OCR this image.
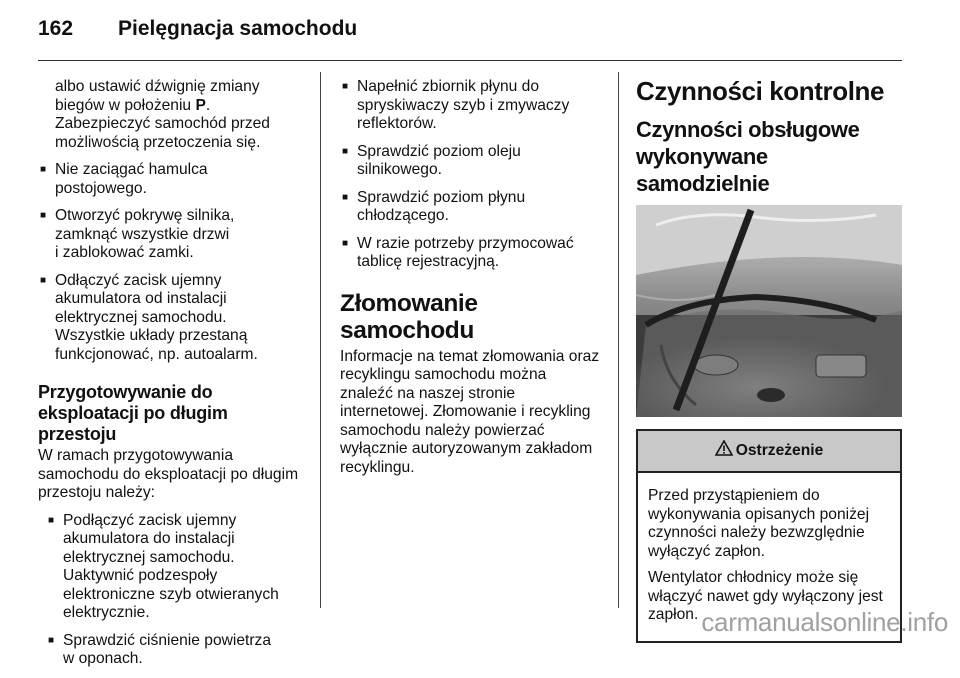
162 Pielęgnacja samochodu
albo ustawić dźwignię zmiany
biegów w położeniu P.
Zabezpieczyć samochód przed
możliwością przetoczenia się.
■ Nie zaciągać hamulca
postojowego.
■ Otworzyć pokrywę silnika,
zamknąć wszystkie drzwi
i zablokować zamki.
■ Odłączyć zacisk ujemny
akumulatora od instalacji
elektrycznej samochodu.
Wszystkie układy przestaną
funkcjonować, np. autoalarm.
Przygotowywanie do
eksploatacji po długim przestoju
W ramach przygotowywania
samochodu do eksploatacji po długim
przestoju należy:
■ Podłączyć zacisk ujemny
akumulatora do instalacji
elektrycznej samochodu.
Uaktywnić podzespoły
elektroniczne szyb otwieranych
elektrycznie.
■ Sprawdzić ciśnienie powietrza
w oponach.
■ Napełnić zbiornik płynu do
spryskiwaczy szyb i zmywaczy
reflektorów.
■ Sprawdzić poziom oleju
silnikowego.
■ Sprawdzić poziom płynu
chłodzącego.
■ W razie potrzeby przymocować
tablicę rejestracyjną.
Złomowanie samochodu
Informacje na temat złomowania oraz
recyklingu samochodu można
znaleźć na naszej stronie
internetowej. Złomowanie i recykling
samochodu należy powierzać
wyłącznie autoryzowanym zakładom
recyklingu.
Czynności kontrolne
Czynności obsługowe
wykonywane samodzielnie
Ostrzeżenie
Przed przystąpieniem do
wykonywania opisanych poniżej
czynności należy bezwzględnie
wyłączyć zapłon.
Wentylator chłodnicy może się
włączyć nawet gdy wyłączony jest
zapłon. carmanualsonline.info
